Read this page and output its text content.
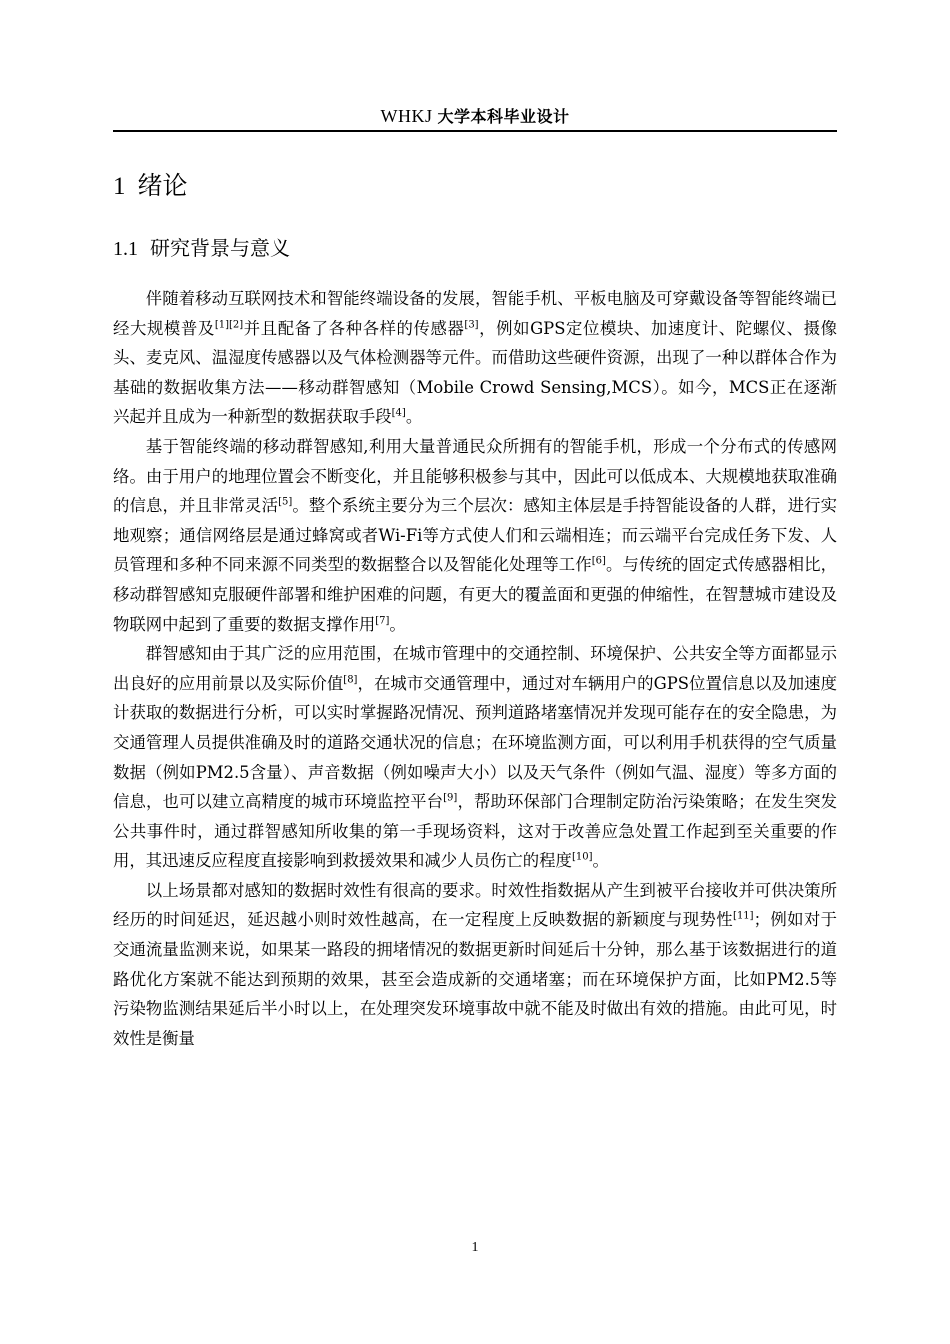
WHKJ 大学本科毕业设计
1 绪论
1.1 研究背景与意义

伴随着移动互联网技术和智能终端设备的发展，智能手机、平板电脑及可穿戴设备等智能终端已经大规模普及[1][2]并且配备了各种各样的传感器[3]，例如GPS定位模块、加速度计、陀螺仪、摄像头、麦克风、温湿度传感器以及气体检测器等元件。而借助这些硬件资源，出现了一种以群体合作为基础的数据收集方法——移动群智感知（Mobile Crowd Sensing,MCS）。如今，MCS正在逐渐兴起并且成为一种新型的数据获取手段[4]。

基于智能终端的移动群智感知,利用大量普通民众所拥有的智能手机，形成一个分布式的传感网络。由于用户的地理位置会不断变化，并且能够积极参与其中，因此可以低成本、大规模地获取准确的信息，并且非常灵活[5]。整个系统主要分为三个层次：感知主体层是手持智能设备的人群，进行实地观察；通信网络层是通过蜂窝或者Wi-Fi等方式使人们和云端相连；而云端平台完成任务下发、人员管理和多种不同来源不同类型的数据整合以及智能化处理等工作[6]。与传统的固定式传感器相比，移动群智感知克服硬件部署和维护困难的问题，有更大的覆盖面和更强的伸缩性，在智慧城市建设及物联网中起到了重要的数据支撑作用[7]。

群智感知由于其广泛的应用范围，在城市管理中的交通控制、环境保护、公共安全等方面都显示出良好的应用前景以及实际价值[8]，在城市交通管理中，通过对车辆用户的GPS位置信息以及加速度计获取的数据进行分析，可以实时掌握路况情况、预判道路堵塞情况并发现可能存在的安全隐患，为交通管理人员提供准确及时的道路交通状况的信息；在环境监测方面，可以利用手机获得的空气质量数据（例如PM2.5含量）、声音数据（例如噪声大小）以及天气条件（例如气温、湿度）等多方面的信息，也可以建立高精度的城市环境监控平台[9]，帮助环保部门合理制定防治污染策略；在发生突发公共事件时，通过群智感知所收集的第一手现场资料，这对于改善应急处置工作起到至关重要的作用，其迅速反应程度直接影响到救援效果和减少人员伤亡的程度[10]。

以上场景都对感知的数据时效性有很高的要求。时效性指数据从产生到被平台接收并可供决策所经历的时间延迟，延迟越小则时效性越高，在一定程度上反映数据的新颖度与现势性[11]；例如对于交通流量监测来说，如果某一路段的拥堵情况的数据更新时间延后十分钟，那么基于该数据进行的道路优化方案就不能达到预期的效果，甚至会造成新的交通堵塞；而在环境保护方面，比如PM2.5等污染物监测结果延后半小时以上，在处理突发环境事故中就不能及时做出有效的措施。由此可见，时效性是衡量

1
